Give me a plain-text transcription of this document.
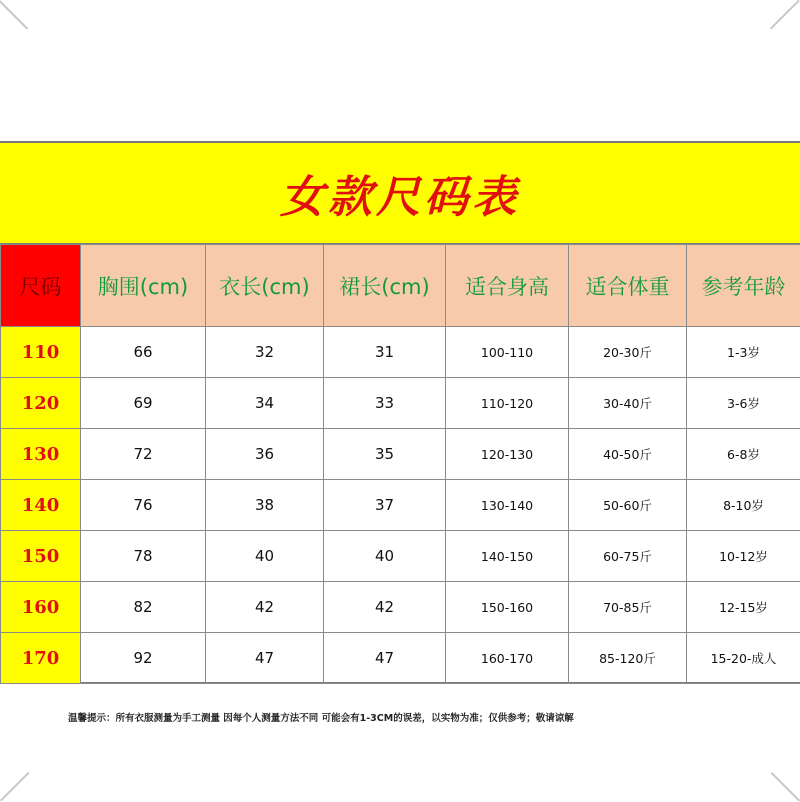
女款尺码表
尺码	胸围(cm)	衣长(cm)	裙长(cm)	适合身高	适合体重	参考年龄
110	66	32	31	100-110	20-30斤	1-3岁
120	69	34	33	110-120	30-40斤	3-6岁
130	72	36	35	120-130	40-50斤	6-8岁
140	76	38	37	130-140	50-60斤	8-10岁
150	78	40	40	140-150	60-75斤	10-12岁
160	82	42	42	150-160	70-85斤	12-15岁
170	92	47	47	160-170	85-120斤	15-20-成人
温馨提示：所有衣服测量为手工测量 因每个人测量方法不同 可能会有1-3CM的误差，以实物为准；仅供参考；敬请谅解
